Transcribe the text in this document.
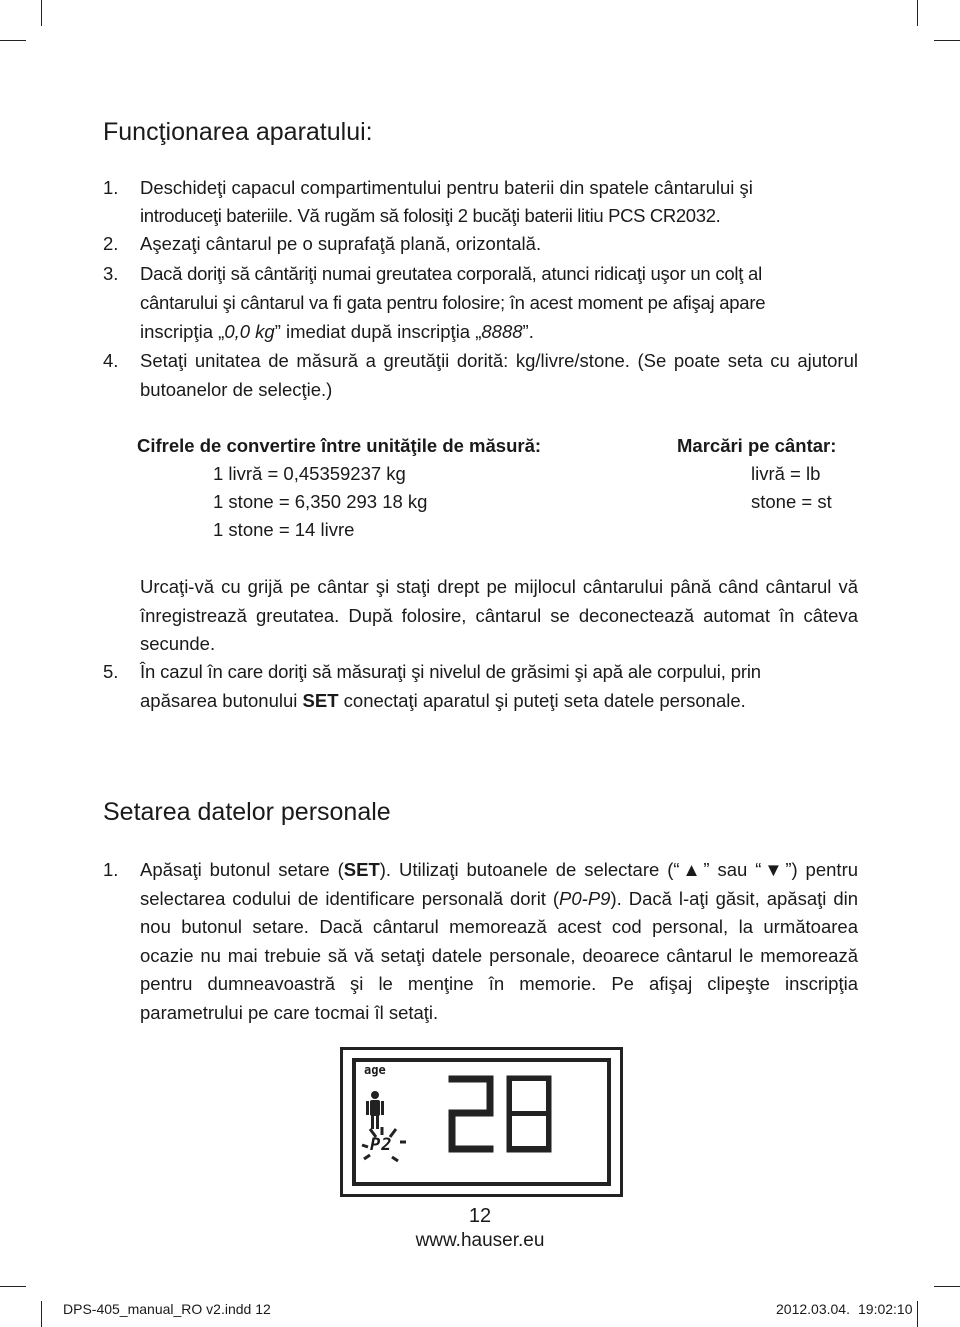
Funcţionarea aparatului:
1. Deschideţi capacul compartimentului pentru baterii din spatele cântarului şi
introduceţi bateriile. Vă rugăm să folosiţi 2 bucăţi baterii litiu PCS CR2032.
2. Aşezaţi cântarul pe o suprafaţă plană, orizontală.
3. Dacă doriţi să cântăriţi numai greutatea corporală, atunci ridicaţi uşor un colţ al
cântarului şi cântarul va fi gata pentru folosire; în acest moment pe afişaj apare
inscripţia „0,0 kg” imediat după inscripţia „8888”.
4. Setaţi unitatea de măsură a greutăţii dorită: kg/livre/stone. (Se poate seta cu ajutorul butoanelor de selecţie.)
Cifrele de convertire între unităţile de măsură:
1 livră = 0,45359237 kg
1 stone = 6,350 293 18 kg
1 stone = 14 livre
Marcări pe cântar:
livră = lb
stone = st
Urcaţi-vă cu grijă pe cântar şi staţi drept pe mijlocul cântarului până când cântarul vă înregistrează greutatea. După folosire, cântarul se deconectează automat în câteva secunde.
5. În cazul în care doriţi să măsuraţi şi nivelul de grăsimi şi apă ale corpului, prin
apăsarea butonului SET conectaţi aparatul şi puteţi seta datele personale.
Setarea datelor personale
1. Apăsaţi butonul setare (SET). Utilizaţi butoanele de selectare (“▲” sau “▼”) pentru selectarea codului de identificare personală dorit (P0-P9). Dacă l-aţi găsit, apăsaţi din nou butonul setare. Dacă cântarul memorează acest cod personal, la următoarea ocazie nu mai trebuie să vă setaţi datele personale, deoarece cântarul le memorează pentru dumneavoastră şi le menţine în memorie. Pe afişaj clipeşte inscripţia parametrului pe care tocmai îl setaţi.
age
P2
12
www.hauser.eu
DPS-405_manual_RO v2.indd 12	2012.03.04. 19:02:10
